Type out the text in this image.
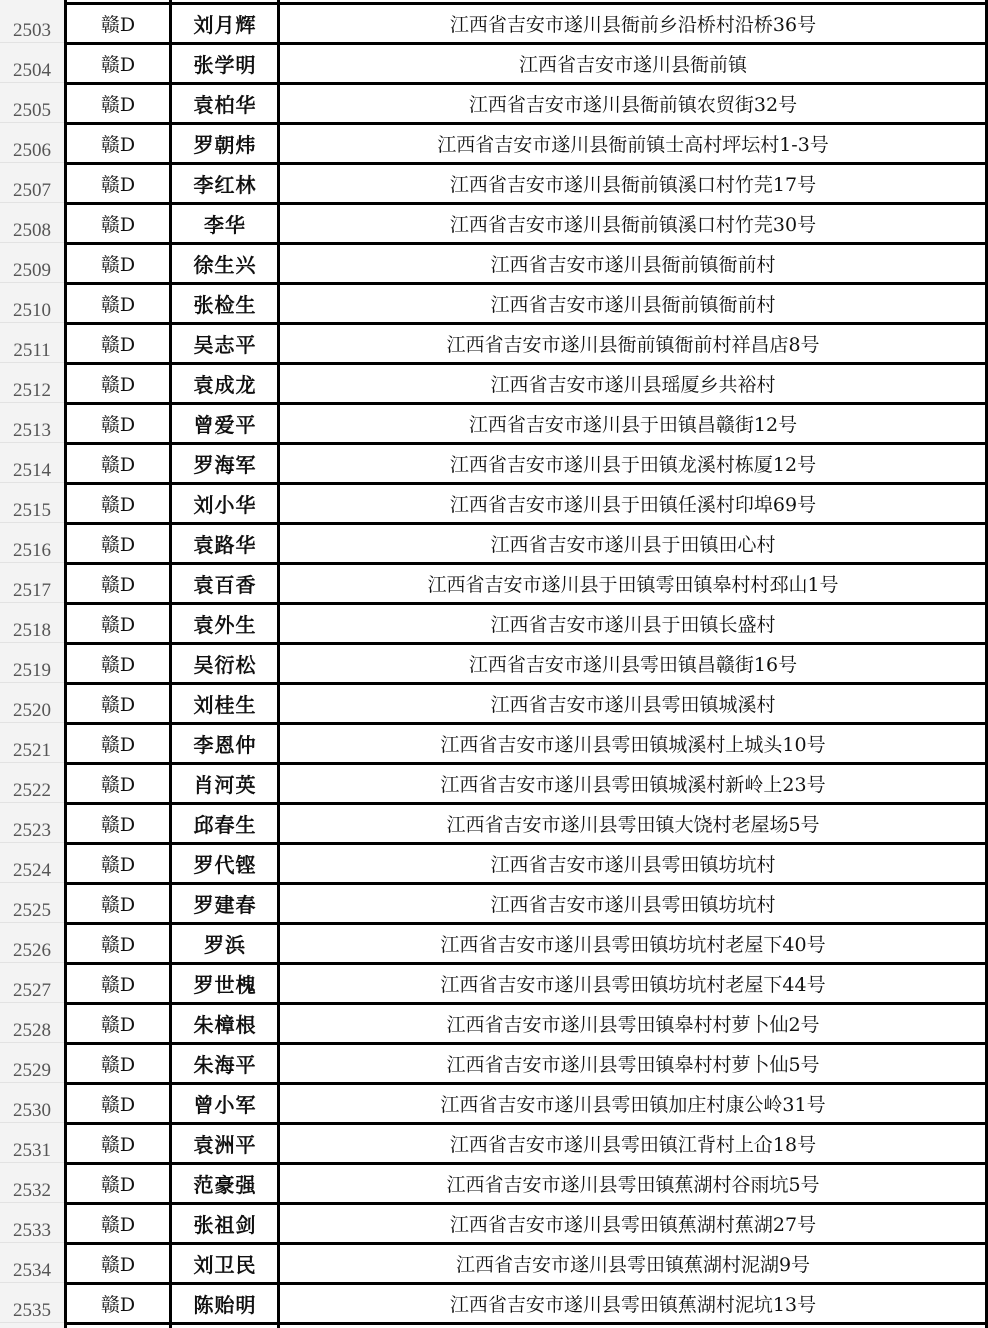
2503	赣D	刘月辉	江西省吉安市遂川县衙前乡沿桥村沿桥36号
2504	赣D	张学明	江西省吉安市遂川县衙前镇
2505	赣D	袁柏华	江西省吉安市遂川县衙前镇农贸街32号
2506	赣D	罗朝炜	江西省吉安市遂川县衙前镇士高村坪坛村1-3号
2507	赣D	李红林	江西省吉安市遂川县衙前镇溪口村竹芫17号
2508	赣D	李华	江西省吉安市遂川县衙前镇溪口村竹芫30号
2509	赣D	徐生兴	江西省吉安市遂川县衙前镇衙前村
2510	赣D	张检生	江西省吉安市遂川县衙前镇衙前村
2511	赣D	吴志平	江西省吉安市遂川县衙前镇衙前村祥昌店8号
2512	赣D	袁成龙	江西省吉安市遂川县瑶厦乡共裕村
2513	赣D	曾爱平	江西省吉安市遂川县于田镇昌赣街12号
2514	赣D	罗海军	江西省吉安市遂川县于田镇龙溪村栋厦12号
2515	赣D	刘小华	江西省吉安市遂川县于田镇任溪村印埠69号
2516	赣D	袁路华	江西省吉安市遂川县于田镇田心村
2517	赣D	袁百香	江西省吉安市遂川县于田镇雩田镇皋村村邳山1号
2518	赣D	袁外生	江西省吉安市遂川县于田镇长盛村
2519	赣D	吴衍松	江西省吉安市遂川县雩田镇昌赣街16号
2520	赣D	刘桂生	江西省吉安市遂川县雩田镇城溪村
2521	赣D	李恩仲	江西省吉安市遂川县雩田镇城溪村上城头10号
2522	赣D	肖河英	江西省吉安市遂川县雩田镇城溪村新岭上23号
2523	赣D	邱春生	江西省吉安市遂川县雩田镇大饶村老屋场5号
2524	赣D	罗代铿	江西省吉安市遂川县雩田镇坊坑村
2525	赣D	罗建春	江西省吉安市遂川县雩田镇坊坑村
2526	赣D	罗浜	江西省吉安市遂川县雩田镇坊坑村老屋下40号
2527	赣D	罗世槐	江西省吉安市遂川县雩田镇坊坑村老屋下44号
2528	赣D	朱樟根	江西省吉安市遂川县雩田镇皋村村萝卜仙2号
2529	赣D	朱海平	江西省吉安市遂川县雩田镇皋村村萝卜仙5号
2530	赣D	曾小军	江西省吉安市遂川县雩田镇加庄村康公岭31号
2531	赣D	袁洲平	江西省吉安市遂川县雩田镇江背村上仚18号
2532	赣D	范豪强	江西省吉安市遂川县雩田镇蕉湖村谷雨坑5号
2533	赣D	张祖剑	江西省吉安市遂川县雩田镇蕉湖村蕉湖27号
2534	赣D	刘卫民	江西省吉安市遂川县雩田镇蕉湖村泥湖9号
2535	赣D	陈贻明	江西省吉安市遂川县雩田镇蕉湖村泥坑13号
